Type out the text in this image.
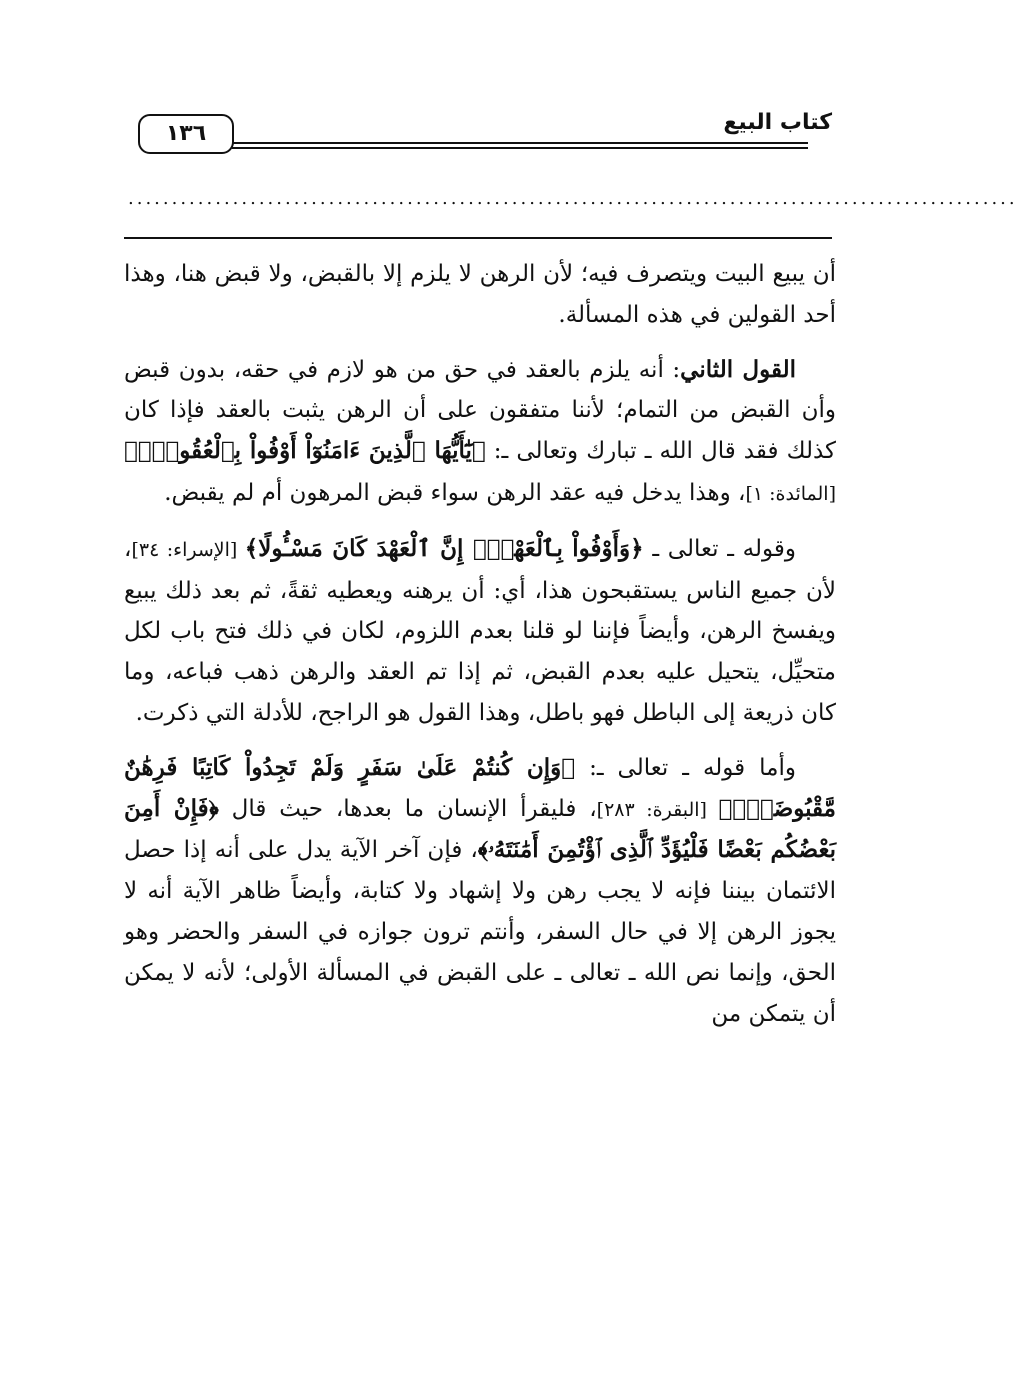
كتاب البيع
١٣٦
......................................................................................................

أن يبيع البيت ويتصرف فيه؛ لأن الرهن لا يلزم إلا بالقبض، ولا قبض هنا، وهذا أحد القولين في هذه المسألة.

القول الثاني: أنه يلزم بالعقد في حق من هو لازم في حقه، بدون قبض وأن القبض من التمام؛ لأننا متفقون على أن الرهن يثبت بالعقد فإذا كان كذلك فقد قال الله ـ تبارك وتعالى ـ: ﴿يَٰٓأَيُّهَا ٱلَّذِينَ ءَامَنُوٓاْ أَوْفُواْ بِٱلْعُقُودِۚ﴾ [المائدة: ١]، وهذا يدخل فيه عقد الرهن سواء قبض المرهون أم لم يقبض.

وقوله ـ تعالى ـ ﴿وَأَوْفُواْ بِٱلْعَهْدِۖ إِنَّ ٱلْعَهْدَ كَانَ مَسْـُٔولًا﴾ [الإسراء: ٣٤]، لأن جميع الناس يستقبحون هذا، أي: أن يرهنه ويعطيه ثقةً، ثم بعد ذلك يبيع ويفسخ الرهن، وأيضاً فإننا لو قلنا بعدم اللزوم، لكان في ذلك فتح باب لكل متحيِّل، يتحيل عليه بعدم القبض، ثم إذا تم العقد والرهن ذهب فباعه، وما كان ذريعة إلى الباطل فهو باطل، وهذا القول هو الراجح، للأدلة التي ذكرت.

وأما قوله ـ تعالى ـ: ﴿وَإِن كُنتُمْ عَلَىٰ سَفَرٍ وَلَمْ تَجِدُواْ كَاتِبًا فَرِهَٰنٌ مَّقْبُوضَةٌۖ﴾ [البقرة: ٢٨٣]، فليقرأ الإنسان ما بعدها، حيث قال ﴿فَإِنْ أَمِنَ بَعْضُكُم بَعْضًا فَلْيُؤَدِّ ٱلَّذِى ٱؤْتُمِنَ أَمَٰنَتَهُۥ﴾، فإن آخر الآية يدل على أنه إذا حصل الائتمان بيننا فإنه لا يجب رهن ولا إشهاد ولا كتابة، وأيضاً ظاهر الآية أنه لا يجوز الرهن إلا في حال السفر، وأنتم ترون جوازه في السفر والحضر وهو الحق، وإنما نص الله ـ تعالى ـ على القبض في المسألة الأولى؛ لأنه لا يمكن أن يتمكن من
